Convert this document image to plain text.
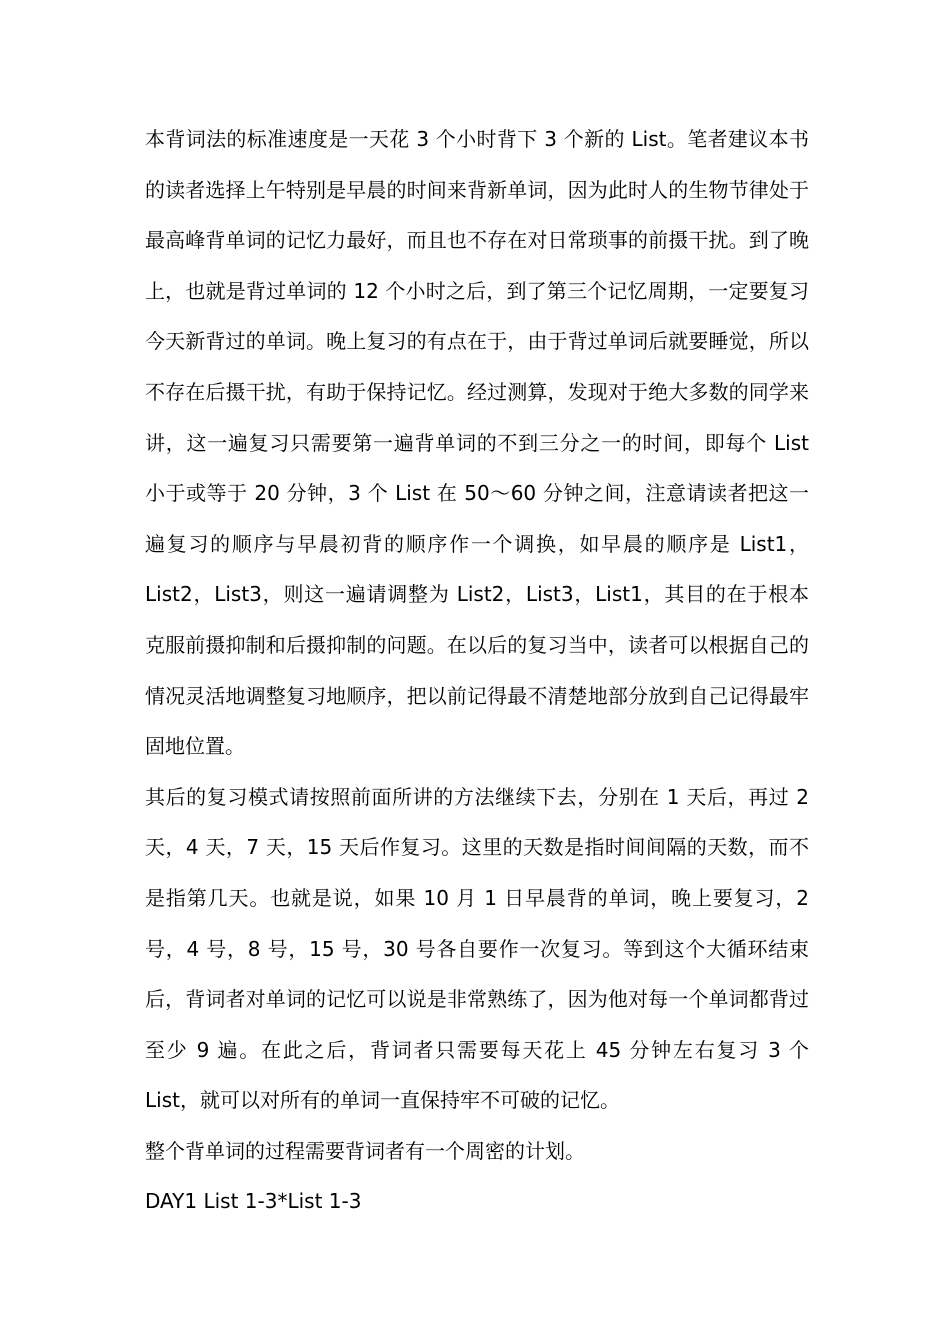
本背词法的标准速度是一天花 3 个小时背下 3 个新的 List。笔者建议本书的读者选择上午特别是早晨的时间来背新单词，因为此时人的生物节律处于最高峰背单词的记忆力最好，而且也不存在对日常琐事的前摄干扰。到了晚上，也就是背过单词的 12 个小时之后，到了第三个记忆周期，一定要复习今天新背过的单词。晚上复习的有点在于，由于背过单词后就要睡觉，所以不存在后摄干扰，有助于保持记忆。经过测算，发现对于绝大多数的同学来讲，这一遍复习只需要第一遍背单词的不到三分之一的时间，即每个 List 小于或等于 20 分钟，3 个 List 在 50～60 分钟之间，注意请读者把这一遍复习的顺序与早晨初背的顺序作一个调换，如早晨的顺序是 List1，List2，List3，则这一遍请调整为 List2，List3，List1，其目的在于根本克服前摄抑制和后摄抑制的问题。在以后的复习当中，读者可以根据自己的情况灵活地调整复习地顺序，把以前记得最不清楚地部分放到自己记得最牢固地位置。

其后的复习模式请按照前面所讲的方法继续下去，分别在 1 天后，再过 2 天，4 天，7 天，15 天后作复习。这里的天数是指时间间隔的天数，而不是指第几天。也就是说，如果 10 月 1 日早晨背的单词，晚上要复习，2 号，4 号，8 号，15 号，30 号各自要作一次复习。等到这个大循环结束后，背词者对单词的记忆可以说是非常熟练了，因为他对每一个单词都背过至少 9 遍。在此之后，背词者只需要每天花上 45 分钟左右复习 3 个 List，就可以对所有的单词一直保持牢不可破的记忆。

整个背单词的过程需要背词者有一个周密的计划。
DAY1 List 1-3*List 1-3
